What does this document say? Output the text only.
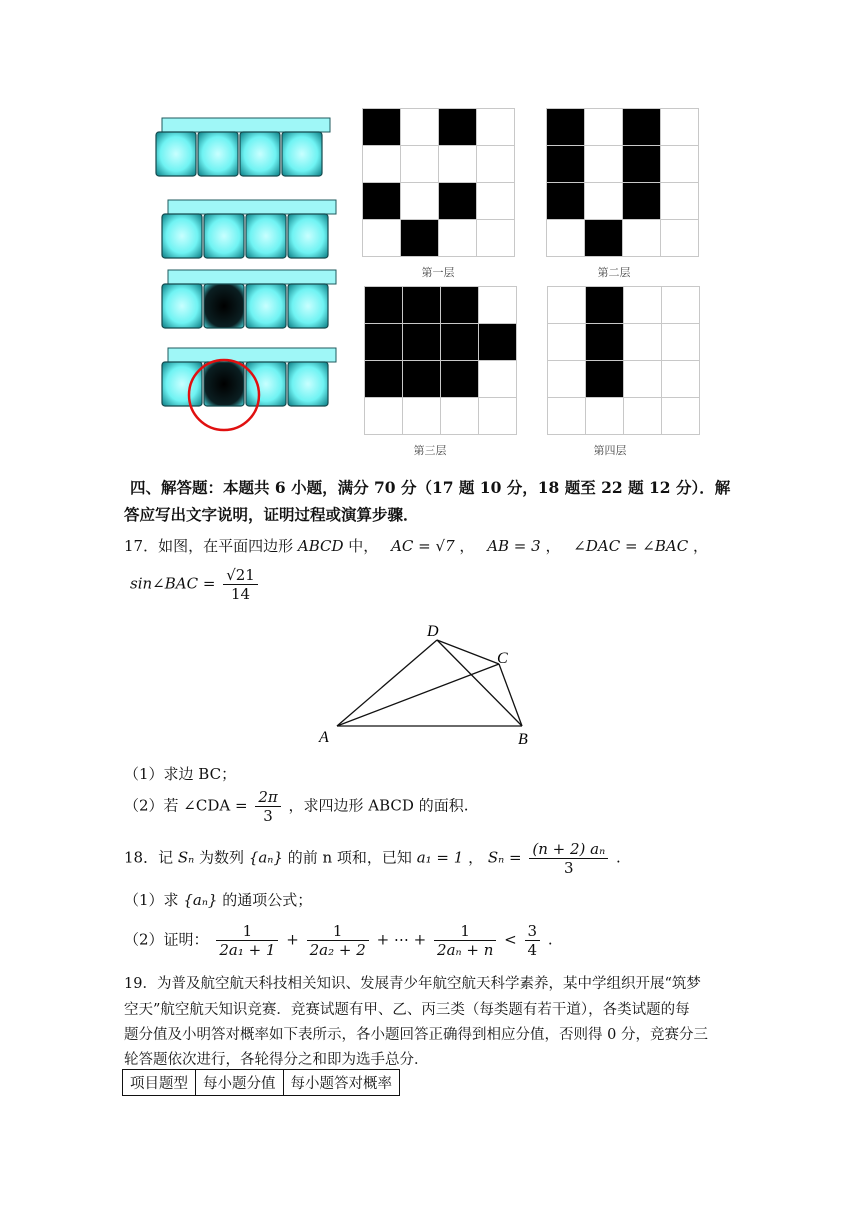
第一层	第二层
第三层	第四层
四、解答题：本题共 6 小题，满分 70 分（17 题 10 分，18 题至 22 题 12 分）．解
答应写出文字说明，证明过程或演算步骤．
17．如图，在平面四边形 ABCD 中， AC = √7 ， AB = 3 ， ∠DAC = ∠BAC ，
sin∠BAC = $\frac{√21}{14}$
D
C
A	B
（1）求边 BC；
（2）若 ∠CDA = $\frac{2\pi}{3}$ ，求四边形 ABCD 的面积.
18．记 Sₙ 为数列 {aₙ} 的前 n 项和，已知 a₁ = 1 ， $S_n = \frac{\text{(n + 2) aₙ}}{3}$ .
（1）求 {aₙ} 的通项公式；
（2）证明： $\frac{1}{\text{2a₁ + 1}} + \frac{1}{\text{2a₂ + 2}}$ + ⋯ + $\frac{1}{\text{2aₙ + n}} < \frac{3}{4}$ .
19．为普及航空航天科技相关知识、发展青少年航空航天科学素养，某中学组织开展“筑梦
空天”航空航天知识竞赛．竞赛试题有甲、乙、丙三类（每类题有若干道），各类试题的每
题分值及小明答对概率如下表所示，各小题回答正确得到相应分值，否则得 0 分，竞赛分三
轮答题依次进行，各轮得分之和即为选手总分．
项目题型	每小题分值	每小题答对概率
